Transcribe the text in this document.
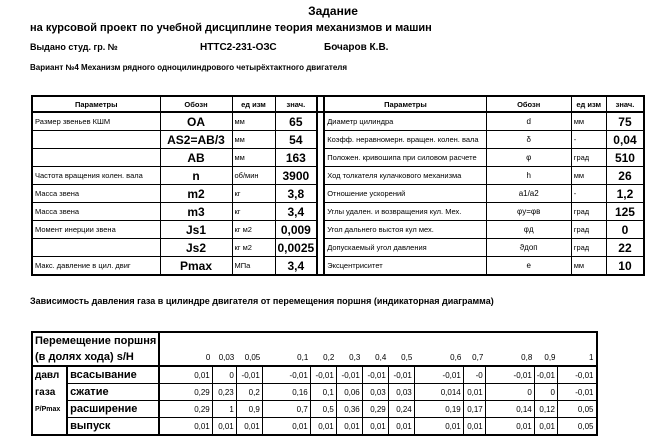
Задание
на курсовой проект по учебной дисциплине теория механизмов и машин
Выдано студ. гр. №	НТТС2-231-ОЗС	Бочаров К.В.
Вариант №4 Механизм рядного одноцилиндрового четырёхтактного двигателя
Параметры	Обозн	ед изм	знач.		Параметры	Обозн	ед изм	знач.
Размер звеньев КШМ	OA	мм	65		Диаметр цилиндра	d	мм	75
	AS2=AB/3	мм	54		Коэфф. неравномерн. вращен. колен. вала	δ	-	0,04
	AB	мм	163		Положен. кривошипа при силовом расчете	φ	град	510
Частота вращения колен. вала	n	об/мин	3900		Ход толкателя кулачкового механизма	h	мм	26
Масса звена	m2	кг	3,8		Отношение ускорений	a1/a2	-	1,2
Масса звена	m3	кг	3,4		Углы удален. и возвращения кул. Мех.	φу=φв	град	125
Момент инерции звена	Js1	кг м2	0,009		Угол дальнего выстоя кул мех.	φд	град	0
	Js2	кг м2	0,0025		Допускаемый угол давления	ϑдоп	град	22
Макс. давление в цил. двиг	Pmax	МПа	3,4		Эксцентриситет	e	мм	10
Зависимость давления газа в цилиндре двигателя от перемещения поршня (индикаторная диаграмма)
Перемещение поршня														
(в долях хода) s/H		0	0,03	0,05	0,1	0,2	0,3	0,4	0,5	0,6	0,7	0,8	0,9	1
давл	всасывание	0,01	0	-0,01	-0,01	-0,01	-0,01	-0,01	-0,01	-0,01	-0	-0,01	-0,01	-0,01
газа	сжатие	0,29	0,23	0,2	0,16	0,1	0,06	0,03	0,03	0,014	0,01	0	0	-0,01
P/Pmax	расширение	0,29	1	0,9	0,7	0,5	0,36	0,29	0,24	0,19	0,17	0,14	0,12	0,05
	выпуск	0,01	0,01	0,01	0,01	0,01	0,01	0,01	0,01	0,01	0,01	0,01	0,01	0,05
